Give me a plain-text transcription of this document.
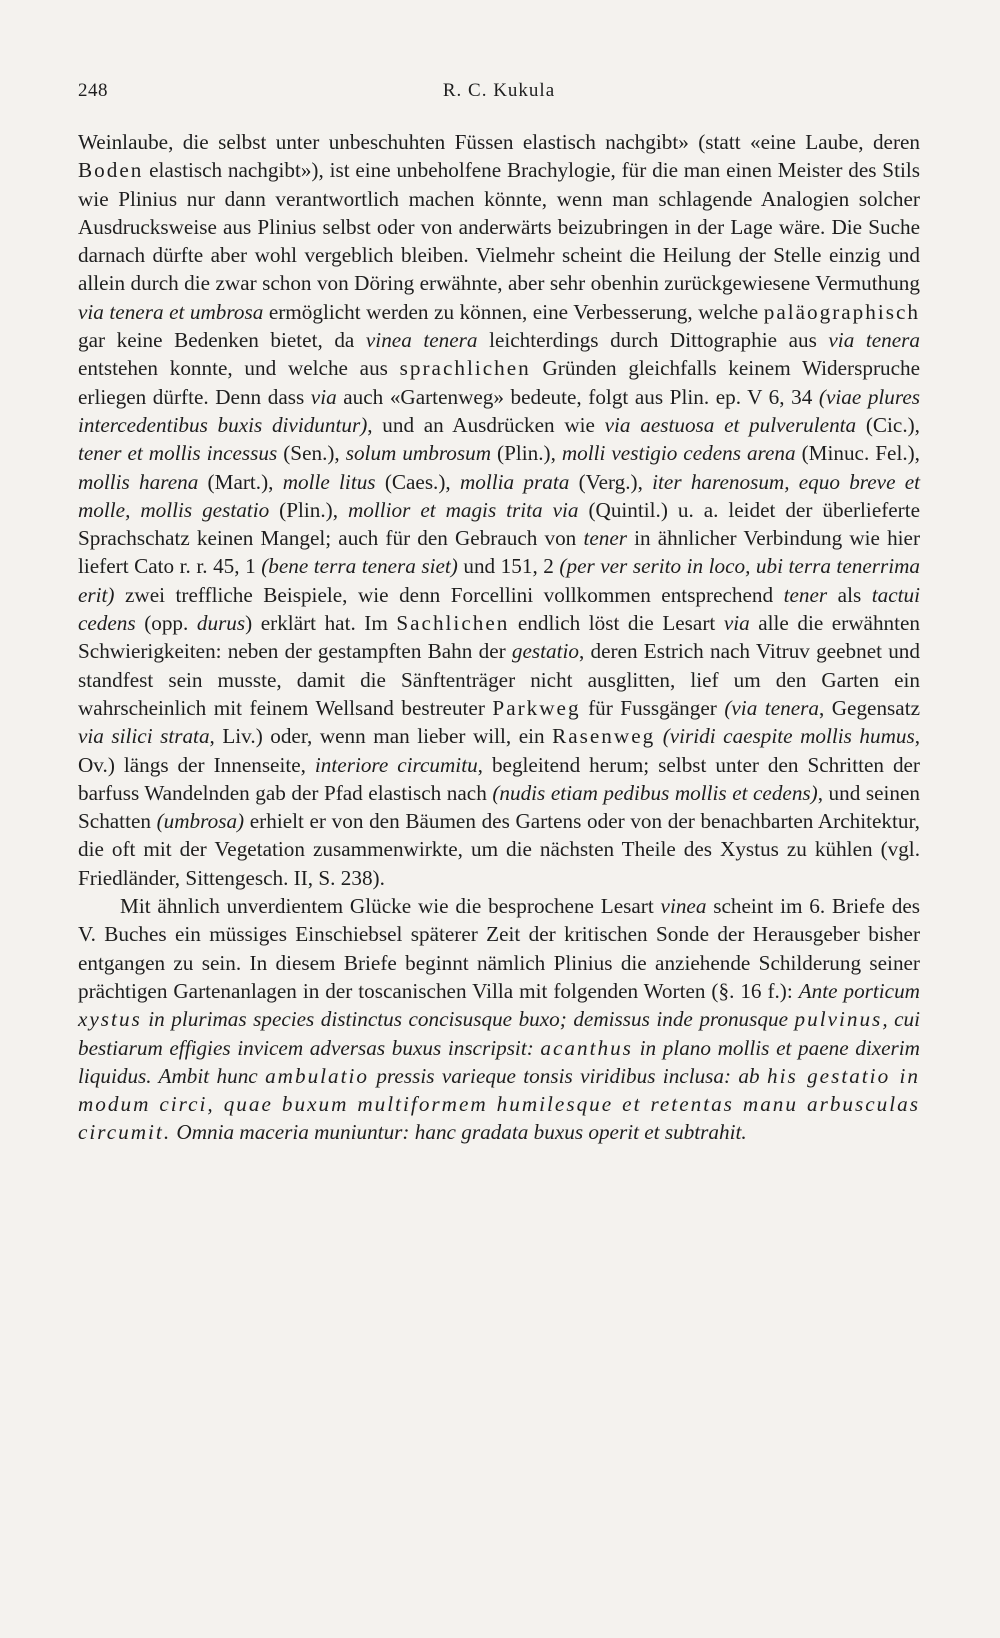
248	R. C. Kukula

Weinlaube, die selbst unter unbeschuhten Füssen elastisch nachgibt» (statt «eine Laube, deren Boden elastisch nachgibt»), ist eine unbeholfene Brachylogie, für die man einen Meister des Stils wie Plinius nur dann verantwortlich machen könnte, wenn man schlagende Analogien solcher Ausdrucksweise aus Plinius selbst oder von anderwärts beizubringen in der Lage wäre. Die Suche darnach dürfte aber wohl vergeblich bleiben. Vielmehr scheint die Heilung der Stelle einzig und allein durch die zwar schon von Döring erwähnte, aber sehr obenhin zurückgewiesene Vermuthung via tenera et umbrosa ermöglicht werden zu können, eine Verbesserung, welche paläographisch gar keine Bedenken bietet, da vinea tenera leichterdings durch Dittographie aus via tenera entstehen konnte, und welche aus sprachlichen Gründen gleichfalls keinem Widerspruche erliegen dürfte. Denn dass via auch «Gartenweg» bedeute, folgt aus Plin. ep. V 6, 34 (viae plures intercedentibus buxis dividuntur), und an Ausdrücken wie via aestuosa et pulverulenta (Cic.), tener et mollis incessus (Sen.), solum umbrosum (Plin.), molli vestigio cedens arena (Minuc. Fel.), mollis harena (Mart.), molle litus (Caes.), mollia prata (Verg.), iter harenosum, equo breve et molle, mollis gestatio (Plin.), mollior et magis trita via (Quintil.) u. a. leidet der überlieferte Sprachschatz keinen Mangel; auch für den Gebrauch von tener in ähnlicher Verbindung wie hier liefert Cato r. r. 45, 1 (bene terra tenera siet) und 151, 2 (per ver serito in loco, ubi terra tenerrima erit) zwei treffliche Beispiele, wie denn Forcellini vollkommen entsprechend tener als tactui cedens (opp. durus) erklärt hat. Im Sachlichen endlich löst die Lesart via alle die erwähnten Schwierigkeiten: neben der gestampften Bahn der gestatio, deren Estrich nach Vitruv geebnet und standfest sein musste, damit die Sänftenträger nicht ausglitten, lief um den Garten ein wahrscheinlich mit feinem Wellsand bestreuter Parkweg für Fussgänger (via tenera, Gegensatz via silici strata, Liv.) oder, wenn man lieber will, ein Rasenweg (viridi caespite mollis humus, Ov.) längs der Innenseite, interiore circumitu, begleitend herum; selbst unter den Schritten der barfuss Wandelnden gab der Pfad elastisch nach (nudis etiam pedibus mollis et cedens), und seinen Schatten (umbrosa) erhielt er von den Bäumen des Gartens oder von der benachbarten Architektur, die oft mit der Vegetation zusammenwirkte, um die nächsten Theile des Xystus zu kühlen (vgl. Friedländer, Sittengesch. II, S. 238).

Mit ähnlich unverdientem Glücke wie die besprochene Lesart vinea scheint im 6. Briefe des V. Buches ein müssiges Einschiebsel späterer Zeit der kritischen Sonde der Herausgeber bisher entgangen zu sein. In diesem Briefe beginnt nämlich Plinius die anziehende Schilderung seiner prächtigen Gartenanlagen in der toscanischen Villa mit folgenden Worten (§. 16 f.): Ante porticum xystus in plurimas species distinctus concisusque buxo; demissus inde pronusque pulvinus, cui bestiarum effigies invicem adversas buxus inscripsit: acanthus in plano mollis et paene dixerim liquidus. Ambit hunc ambulatio pressis varieque tonsis viridibus inclusa: ab his gestatio in modum circi, quae buxum multiformem humilesque et retentas manu arbusculas circumit. Omnia maceria muniuntur: hanc gradata buxus operit et subtrahit.
